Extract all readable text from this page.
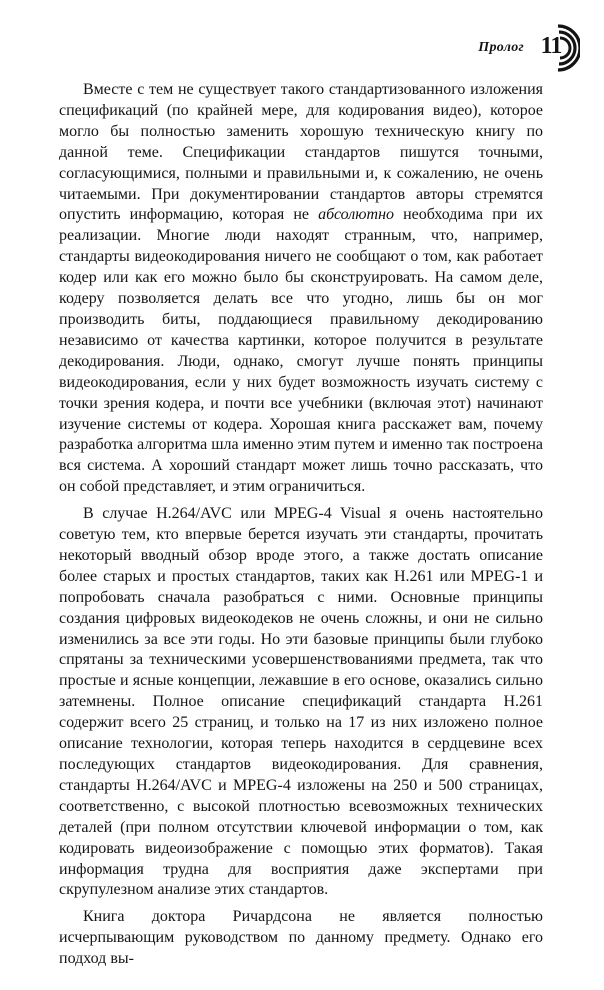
Пролог 11

Вместе с тем не существует такого стандартизованного изложения спецификаций (по крайней мере, для кодирования видео), которое могло бы полностью заменить хорошую техническую книгу по данной теме. Спецификации стандартов пишутся точными, согласующимися, полными и правильными и, к сожалению, не очень читаемыми. При документировании стандартов авторы стремятся опустить информацию, которая не абсолютно необходима при их реализации. Многие люди находят странным, что, например, стандарты видеокодирования ничего не сообщают о том, как работает кодер или как его можно было бы сконструировать. На самом деле, кодеру позволяется делать все что угодно, лишь бы он мог производить биты, поддающиеся правильному декодированию независимо от качества картинки, которое получится в результате декодирования. Люди, однако, смогут лучше понять принципы видеокодирования, если у них будет возможность изучать систему с точки зрения кодера, и почти все учебники (включая этот) начинают изучение системы от кодера. Хорошая книга расскажет вам, почему разработка алгоритма шла именно этим путем и именно так построена вся система. А хороший стандарт может лишь точно рассказать, что он собой представляет, и этим ограничиться.

В случае H.264/AVC или MPEG-4 Visual я очень настоятельно советую тем, кто впервые берется изучать эти стандарты, прочитать некоторый вводный обзор вроде этого, а также достать описание более старых и простых стандартов, таких как H.261 или MPEG-1 и попробовать сначала разобраться с ними. Основные принципы создания цифровых видеокодеков не очень сложны, и они не сильно изменились за все эти годы. Но эти базовые принципы были глубоко спрятаны за техническими усовершенствованиями предмета, так что простые и ясные концепции, лежавшие в его основе, оказались сильно затемнены. Полное описание спецификаций стандарта H.261 содержит всего 25 страниц, и только на 17 из них изложено полное описание технологии, которая теперь находится в сердцевине всех последующих стандартов видеокодирования. Для сравнения, стандарты H.264/AVC и MPEG-4 изложены на 250 и 500 страницах, соответственно, с высокой плотностью всевозможных технических деталей (при полном отсутствии ключевой информации о том, как кодировать видеоизображение с помощью этих форматов). Такая информация трудна для восприятия даже экспертами при скрупулезном анализе этих стандартов.

Книга доктора Ричардсона не является полностью исчерпывающим руководством по данному предмету. Однако его подход вы-
